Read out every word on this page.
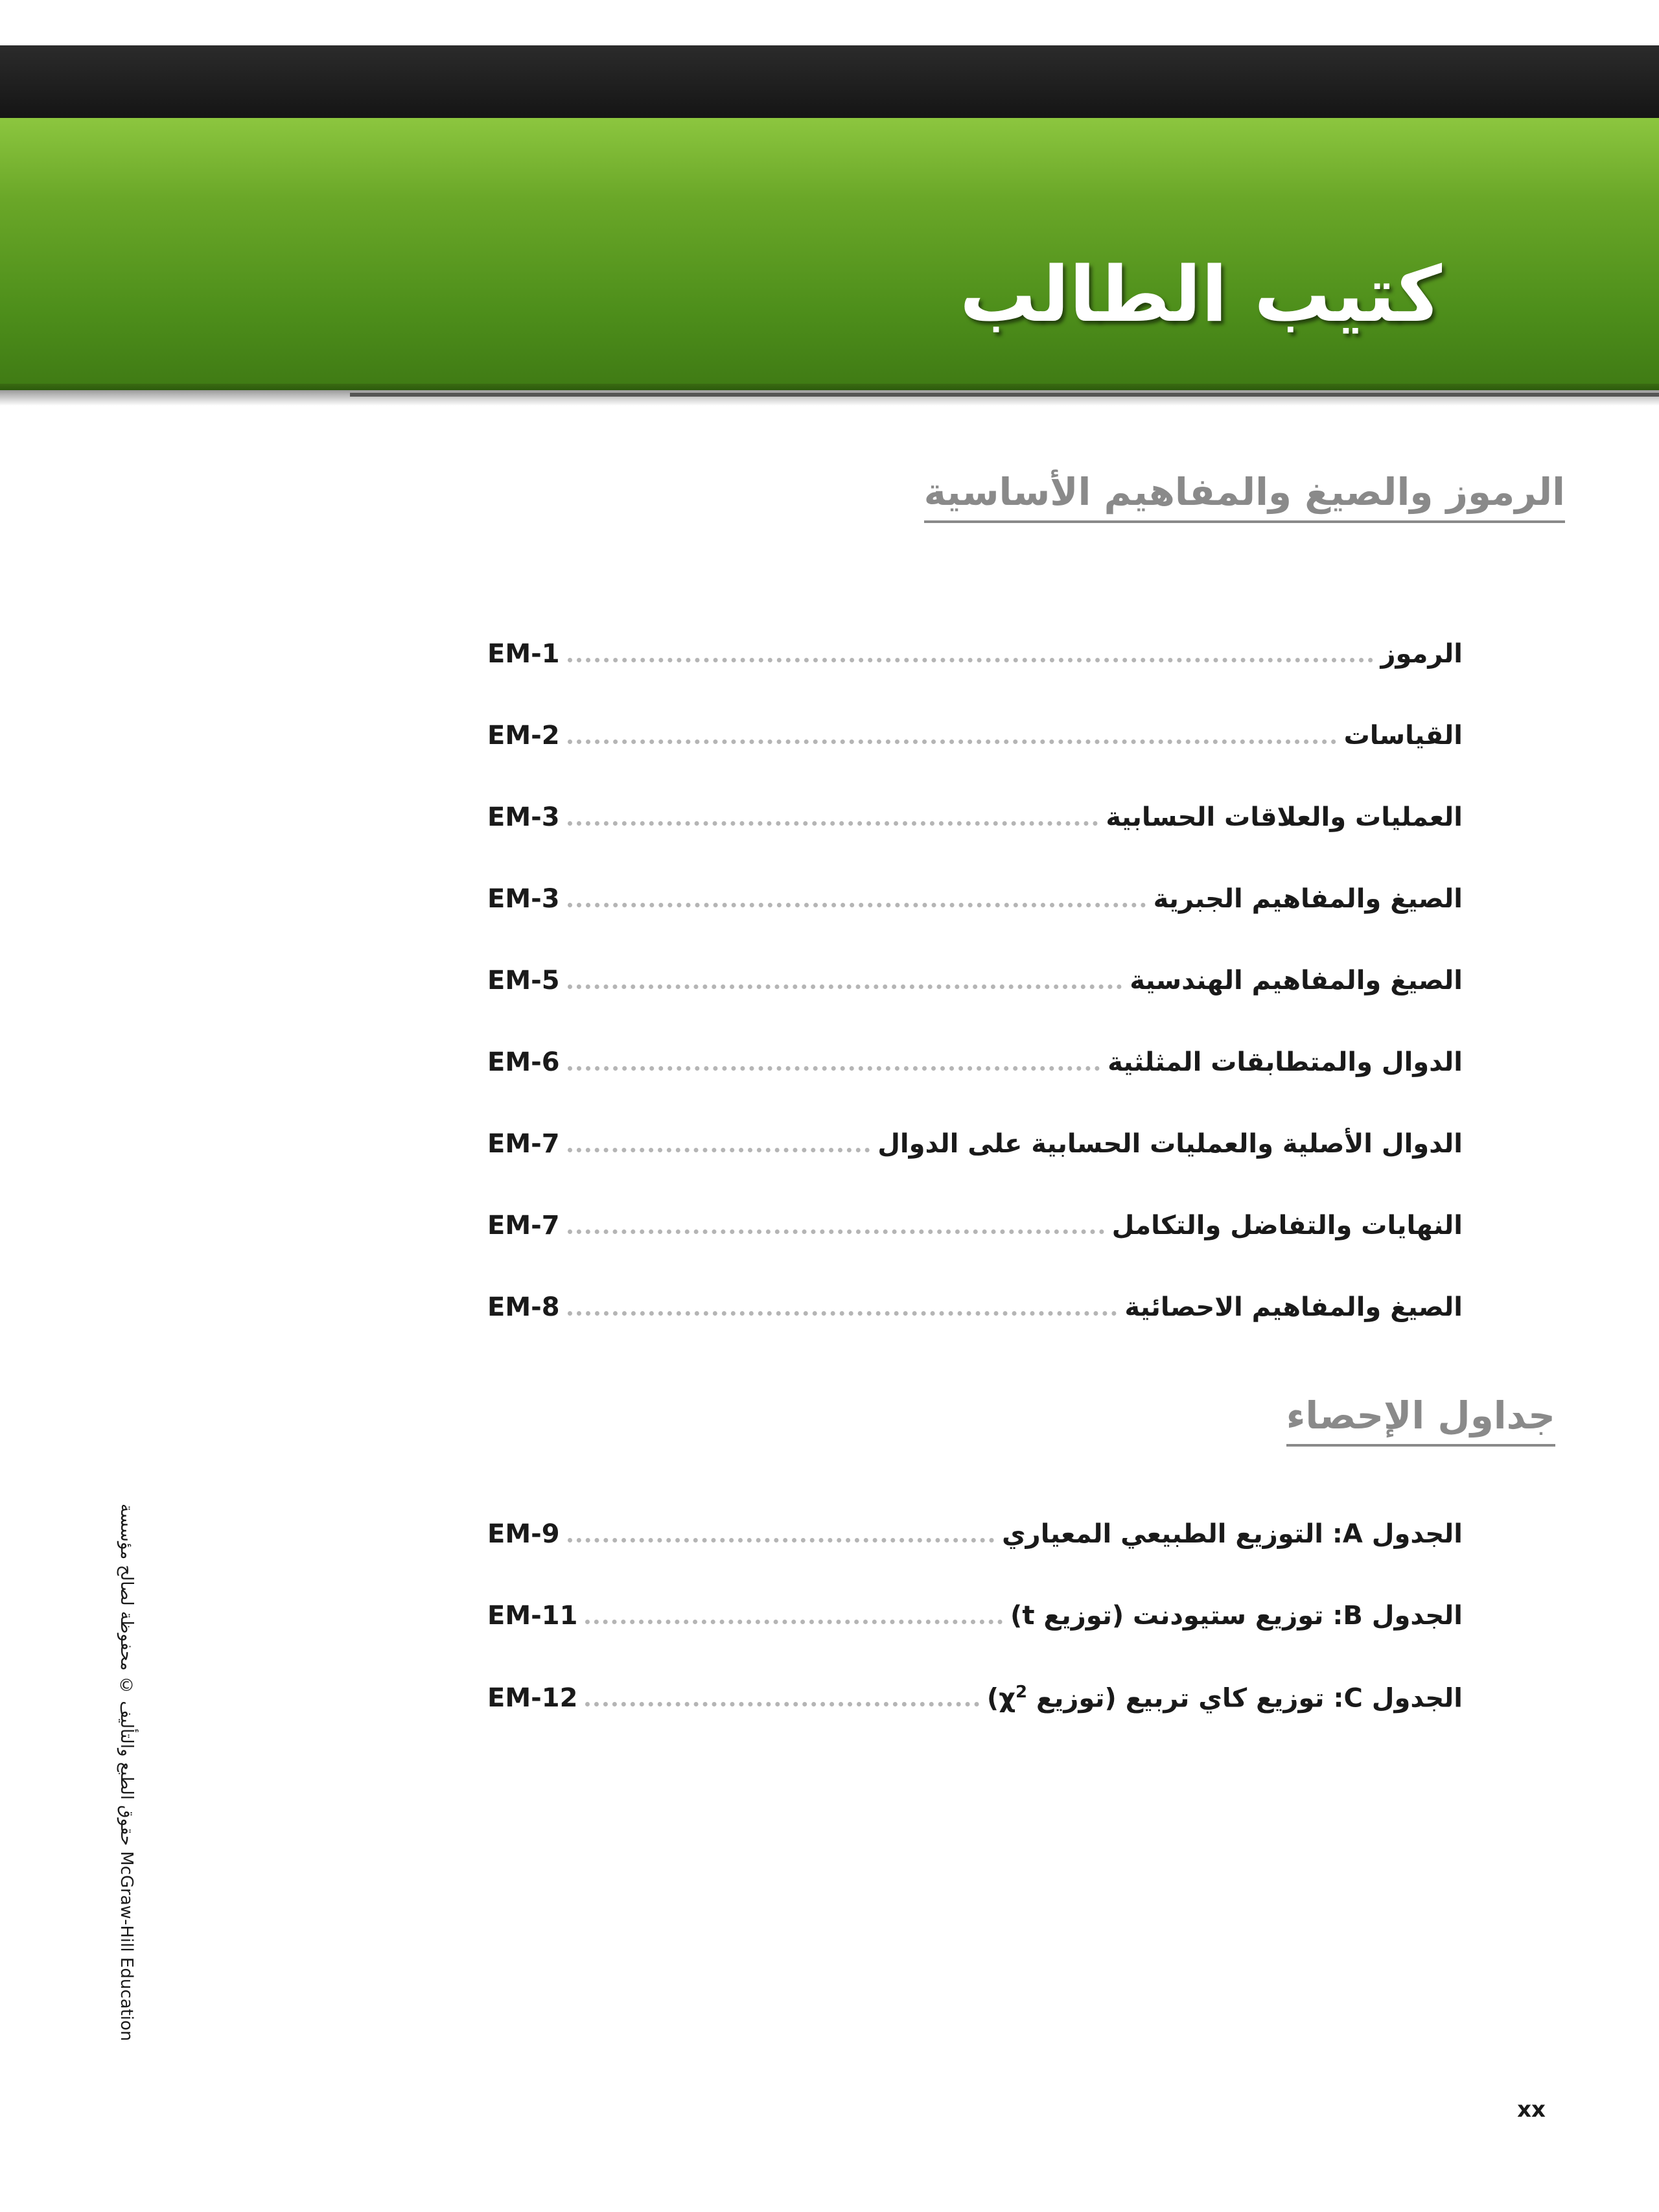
كتيب الطالب
الرموز والصيغ والمفاهيم الأساسية
الرموز
EM-1
القياسات
EM-2
العمليات والعلاقات الحسابية
EM-3
الصيغ والمفاهيم الجبرية
EM-3
الصيغ والمفاهيم الهندسية
EM-5
الدوال والمتطابقات المثلثية
EM-6
الدوال الأصلية والعمليات الحسابية على الدوال
EM-7
النهايات والتفاضل والتكامل
EM-7
الصيغ والمفاهيم الاحصائية
EM-8
جداول الإحصاء
الجدول A: التوزيع الطبيعي المعياري
EM-9
الجدول B: توزيع ستيودنت (توزيع t)
EM-11
الجدول C: توزيع كاي تربيع (توزيع $\chi^2$)
EM-12
حقوق الطبع والتأليف © محفوظة لصالح مؤسسة McGraw-Hill Education
xx
